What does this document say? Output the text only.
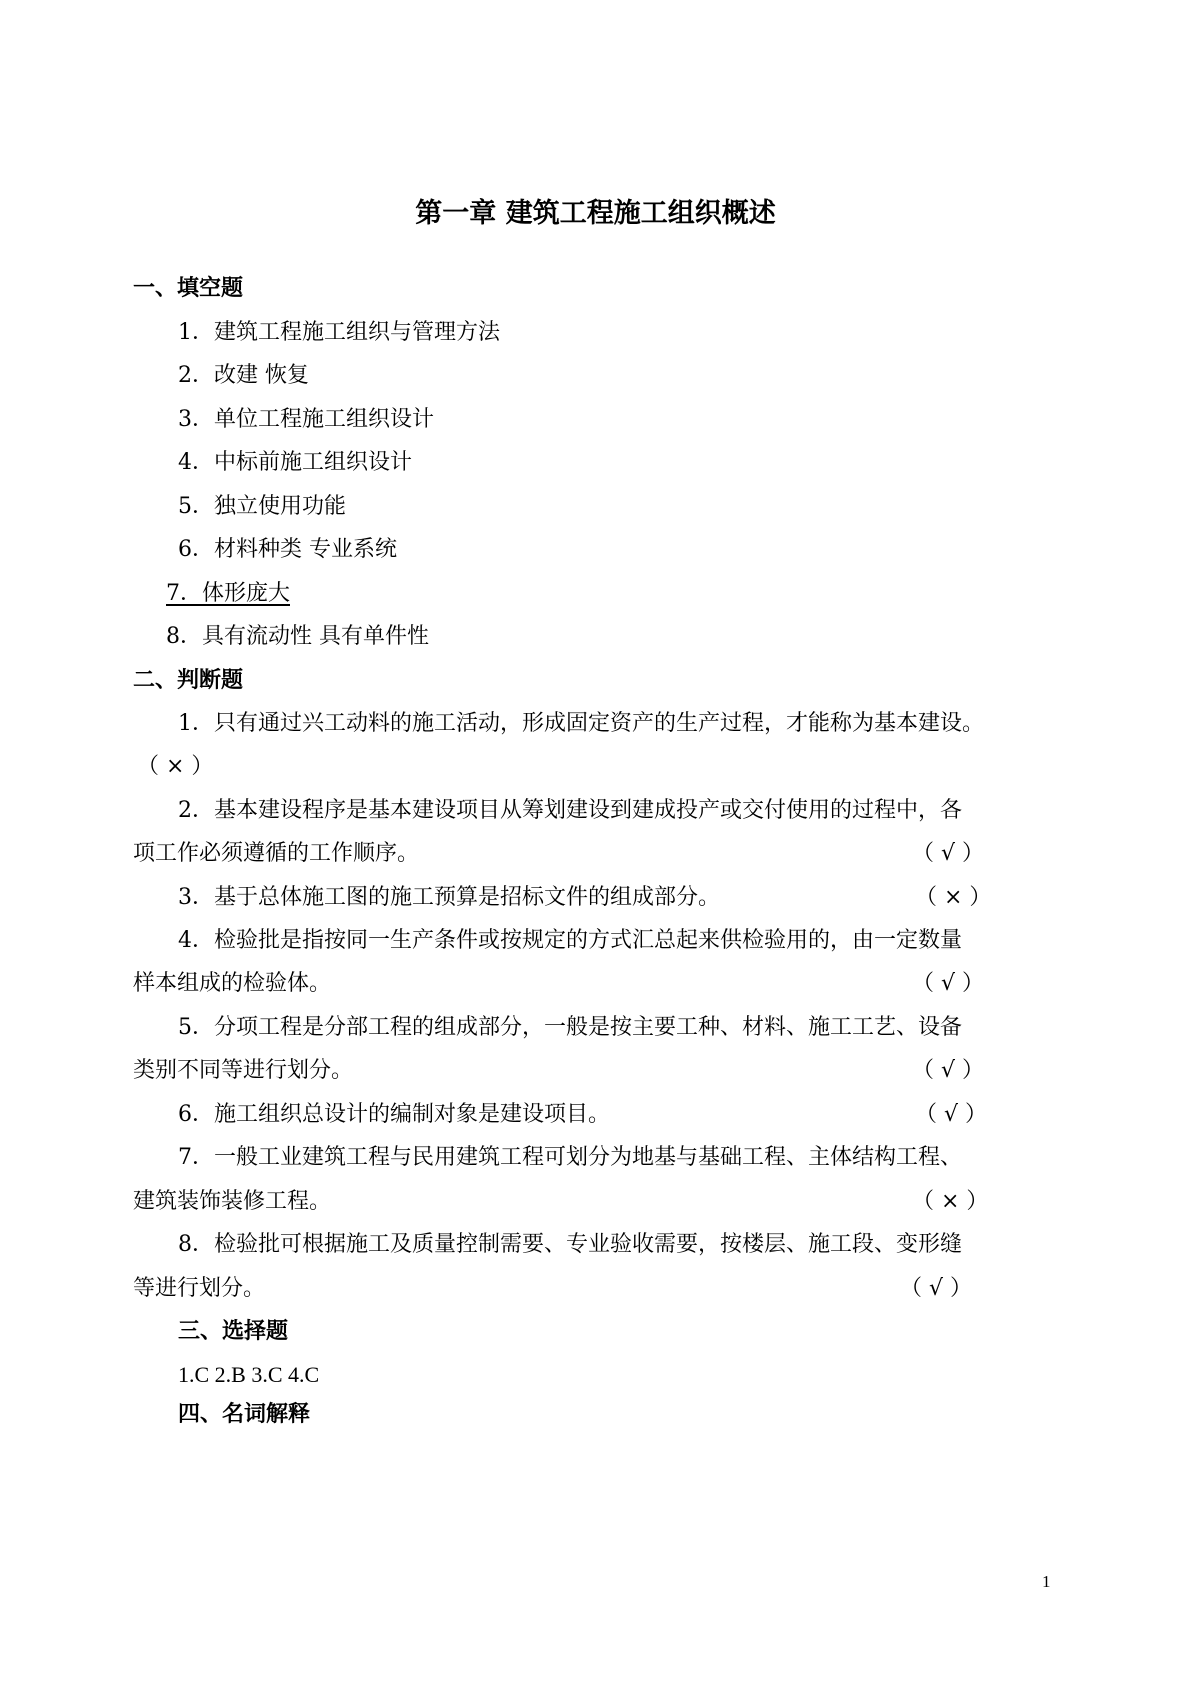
第一章 建筑工程施工组织概述
一、填空题
1．建筑工程施工组织与管理方法
2．改建 恢复
3．单位工程施工组织设计
4．中标前施工组织设计
5．独立使用功能
6．材料种类 专业系统
7．体形庞大
8．具有流动性 具有单件性
二、判断题
1．只有通过兴工动料的施工活动，形成固定资产的生产过程，才能称为基本建设。
（ × ）
2．基本建设程序是基本建设项目从筹划建设到建成投产或交付使用的过程中，各
项工作必须遵循的工作顺序。	（ √ ）
3．基于总体施工图的施工预算是招标文件的组成部分。	（ × ）
4．检验批是指按同一生产条件或按规定的方式汇总起来供检验用的，由一定数量
样本组成的检验体。	（ √ ）
5．分项工程是分部工程的组成部分，一般是按主要工种、材料、施工工艺、设备
类别不同等进行划分。	（ √ ）
6．施工组织总设计的编制对象是建设项目。	（ √ ）
7．一般工业建筑工程与民用建筑工程可划分为地基与基础工程、主体结构工程、
建筑装饰装修工程。	（ × ）
8．检验批可根据施工及质量控制需要、专业验收需要，按楼层、施工段、变形缝
等进行划分。	（ √ ）
三、选择题
1.C 2.B 3.C 4.C
四、名词解释
1
